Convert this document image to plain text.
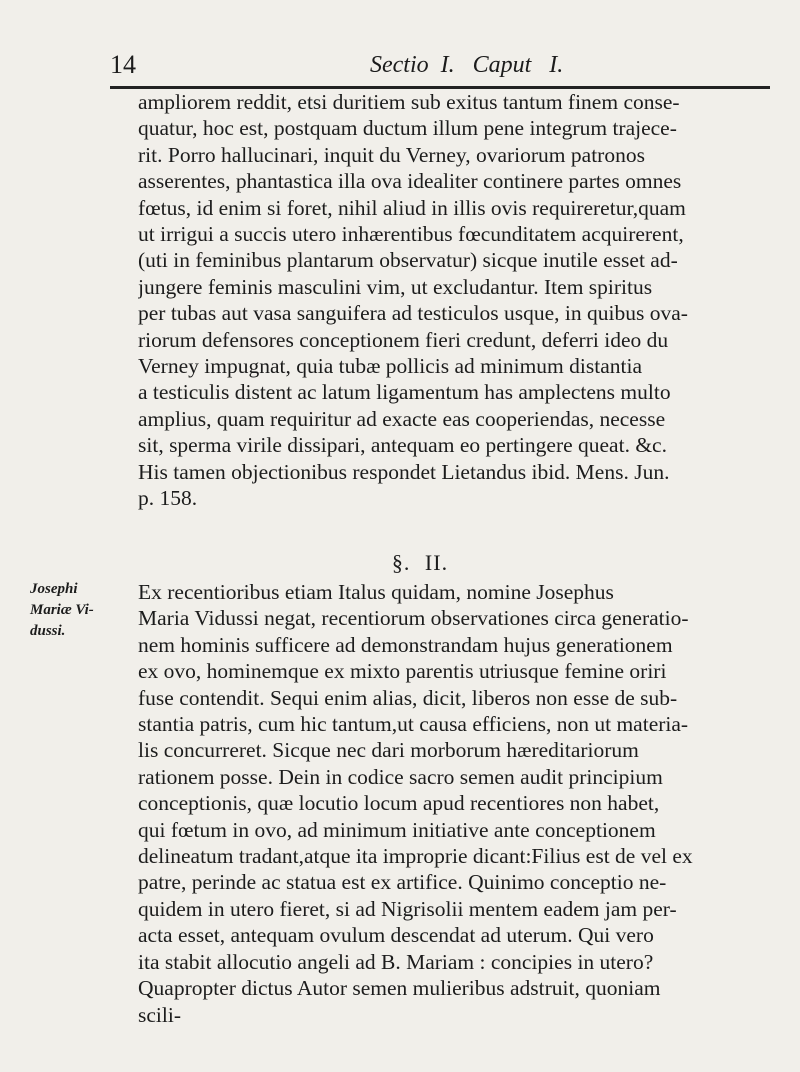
14	Sectio  I.   Caput   I.
ampliorem reddit, etsi duritiem sub exitus tantum finem conse-
quatur, hoc est, postquam ductum illum pene integrum trajece-
rit. Porro hallucinari, inquit du Verney, ovariorum patronos
asserentes, phantastica illa ova idealiter continere partes omnes
fœtus, id enim si foret, nihil aliud in illis ovis requireretur,quam
ut irrigui a succis utero inhærentibus fœcunditatem acquirerent,
(uti in feminibus plantarum observatur) sicque inutile esset ad-
jungere feminis masculini vim, ut excludantur. Item spiritus
per tubas aut vasa sanguifera ad testiculos usque, in quibus ova-
riorum defensores conceptionem fieri credunt, deferri ideo du
Verney impugnat, quia tubæ pollicis ad minimum distantia
a testiculis distent ac latum ligamentum has amplectens multo
amplius, quam requiritur ad exacte eas cooperiendas, necesse
sit, sperma virile dissipari, antequam eo pertingere queat. &c.
His tamen objectionibus respondet Lietandus ibid. Mens. Jun.
p. 158.
§. II.
Josephi
Mariæ Vi-
dussi.
Ex recentioribus etiam Italus quidam, nomine Josephus
Maria Vidussi negat, recentiorum observationes circa generatio-
nem hominis sufficere ad demonstrandam hujus generationem
ex ovo, hominemque ex mixto parentis utriusque femine oriri
fuse contendit. Sequi enim alias, dicit, liberos non esse de sub-
stantia patris, cum hic tantum,ut causa efficiens, non ut materia-
lis concurreret. Sicque nec dari morborum hæreditariorum
rationem posse. Dein in codice sacro semen audit principium
conceptionis, quæ locutio locum apud recentiores non habet,
qui fœtum in ovo, ad minimum initiative ante conceptionem
delineatum tradant,atque ita improprie dicant:Filius est de vel ex
patre, perinde ac statua est ex artifice. Quinimo conceptio ne-
quidem in utero fieret, si ad Nigrisolii mentem eadem jam per-
acta esset, antequam ovulum descendat ad uterum. Qui vero
ita stabit allocutio angeli ad B. Mariam : concipies in utero?
Quapropter dictus Autor semen mulieribus adstruit, quoniam
scili-
